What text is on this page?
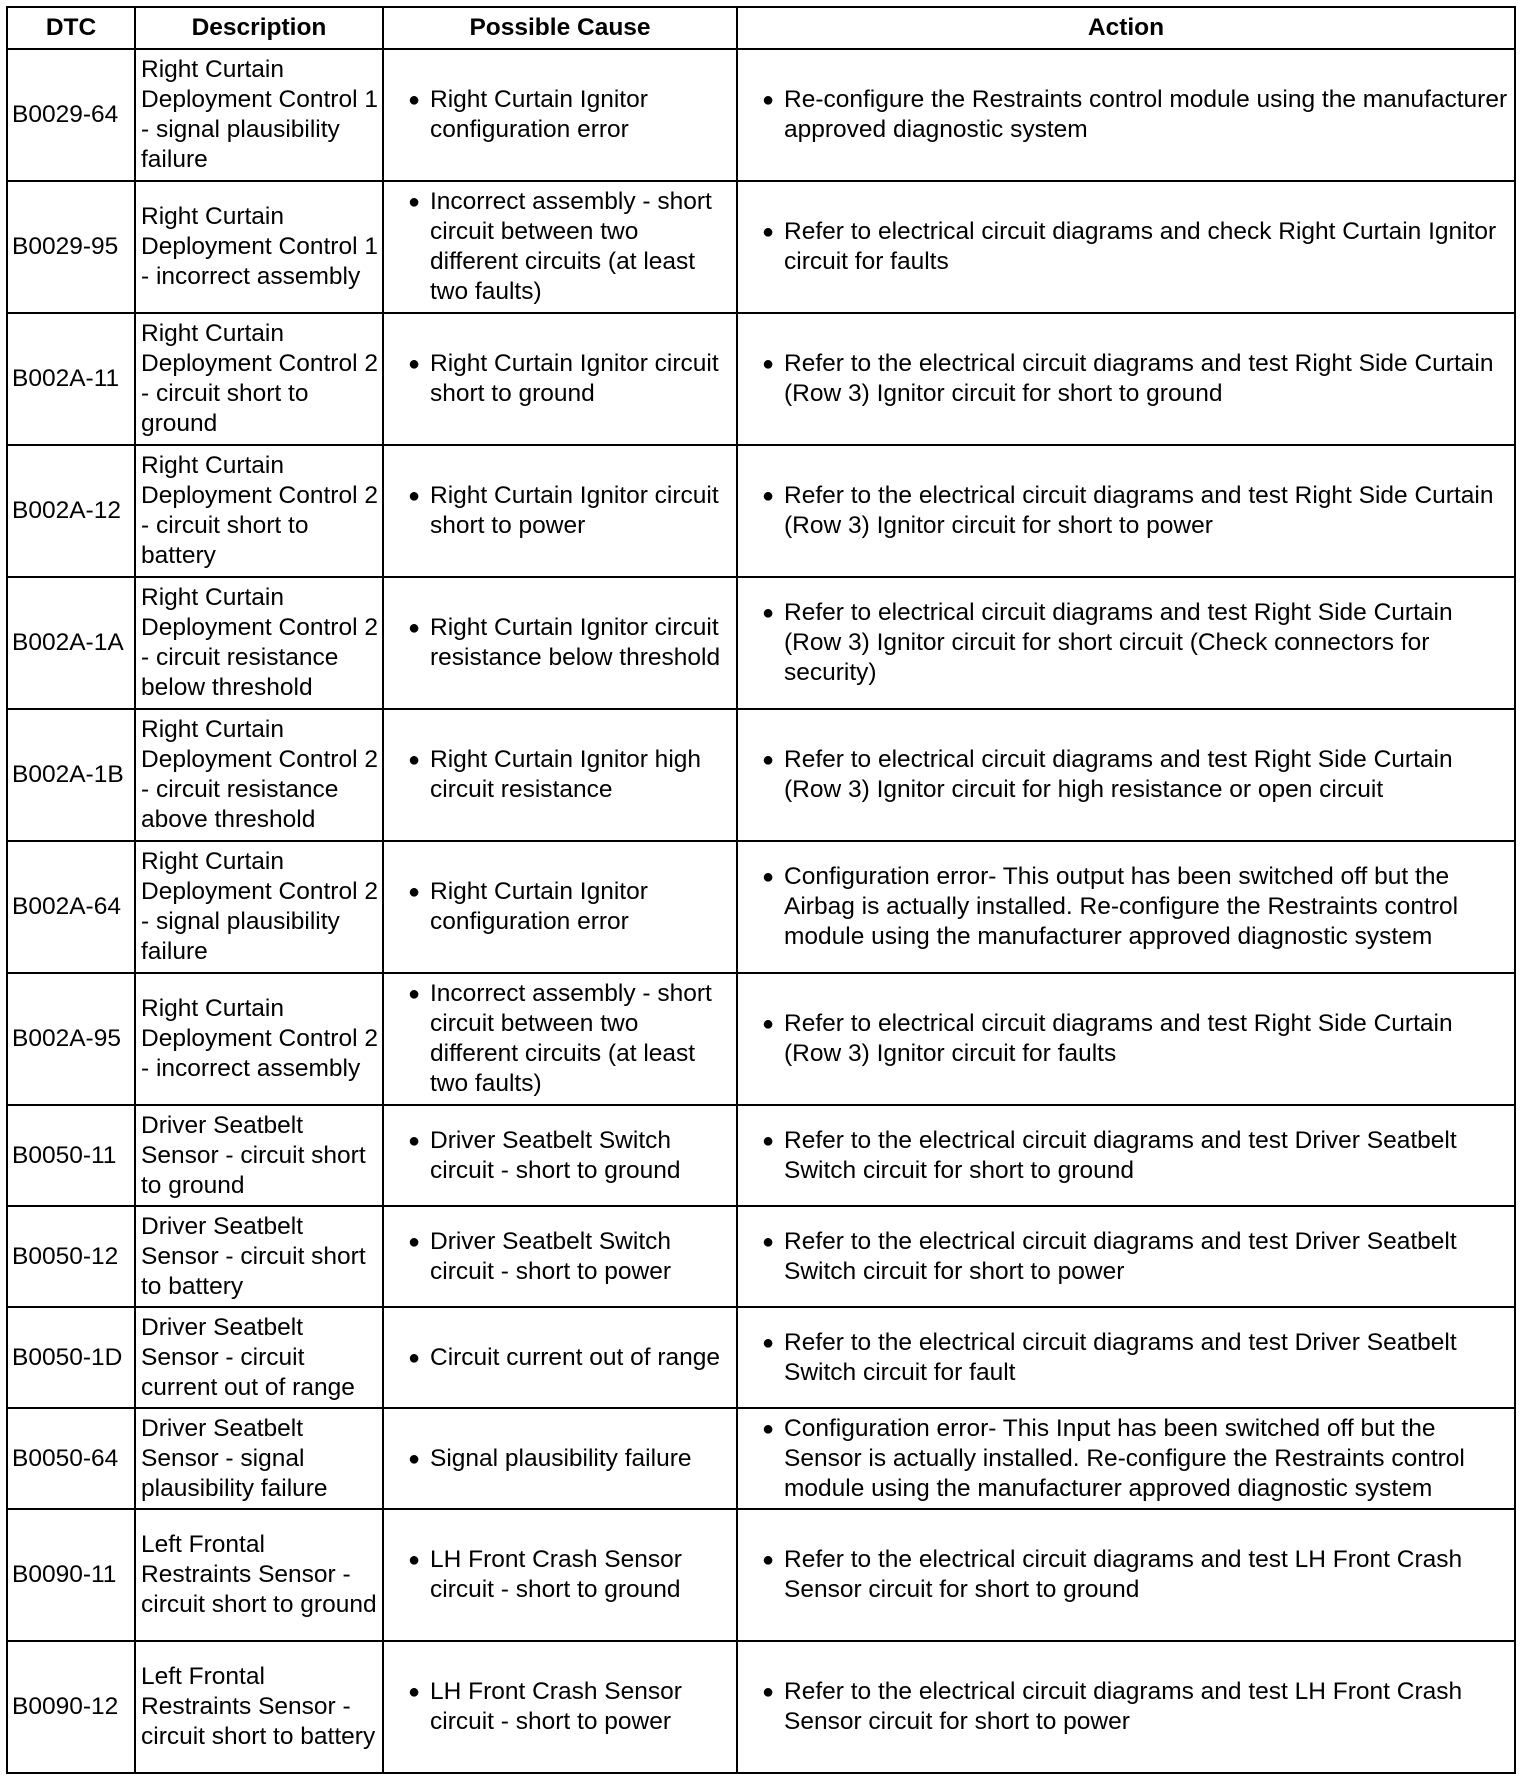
DTC	Description	Possible Cause	Action
B0029-64	Right Curtain Deployment Control 1 - signal plausibility failure	● Right Curtain Ignitor configuration error	● Re-configure the Restraints control module using the manufacturer approved diagnostic system

B0029-95	Right Curtain Deployment Control 1 - incorrect assembly	● Incorrect assembly - short circuit between two different circuits (at least two faults)	● Refer to electrical circuit diagrams and check Right Curtain Ignitor circuit for faults

B002A-11	Right Curtain Deployment Control 2 - circuit short to ground	● Right Curtain Ignitor circuit short to ground	● Refer to the electrical circuit diagrams and test Right Side Curtain (Row 3) Ignitor circuit for short to ground

B002A-12	Right Curtain Deployment Control 2 - circuit short to battery	● Right Curtain Ignitor circuit short to power	● Refer to the electrical circuit diagrams and test Right Side Curtain (Row 3) Ignitor circuit for short to power

B002A-1A	Right Curtain Deployment Control 2 - circuit resistance below threshold	● Right Curtain Ignitor circuit resistance below threshold	● Refer to electrical circuit diagrams and test Right Side Curtain (Row 3) Ignitor circuit for short circuit (Check connectors for security)

B002A-1B	Right Curtain Deployment Control 2 - circuit resistance above threshold	● Right Curtain Ignitor high circuit resistance	● Refer to electrical circuit diagrams and test Right Side Curtain (Row 3) Ignitor circuit for high resistance or open circuit

B002A-64	Right Curtain Deployment Control 2 - signal plausibility failure	● Right Curtain Ignitor configuration error	● Configuration error- This output has been switched off but the Airbag is actually installed. Re-configure the Restraints control module using the manufacturer approved diagnostic system

B002A-95	Right Curtain Deployment Control 2 - incorrect assembly	● Incorrect assembly - short circuit between two different circuits (at least two faults)	● Refer to electrical circuit diagrams and test Right Side Curtain (Row 3) Ignitor circuit for faults

B0050-11	Driver Seatbelt Sensor - circuit short to ground	● Driver Seatbelt Switch circuit - short to ground	● Refer to the electrical circuit diagrams and test Driver Seatbelt Switch circuit for short to ground

B0050-12	Driver Seatbelt Sensor - circuit short to battery	● Driver Seatbelt Switch circuit - short to power	● Refer to the electrical circuit diagrams and test Driver Seatbelt Switch circuit for short to power

B0050-1D	Driver Seatbelt Sensor - circuit current out of range	● Circuit current out of range	● Refer to the electrical circuit diagrams and test Driver Seatbelt Switch circuit for fault

B0050-64	Driver Seatbelt Sensor - signal plausibility failure	● Signal plausibility failure	● Configuration error- This Input has been switched off but the Sensor is actually installed. Re-configure the Restraints control module using the manufacturer approved diagnostic system

B0090-11	Left Frontal Restraints Sensor - circuit short to ground	● LH Front Crash Sensor circuit - short to ground	● Refer to the electrical circuit diagrams and test LH Front Crash Sensor circuit for short to ground

B0090-12	Left Frontal Restraints Sensor - circuit short to battery	● LH Front Crash Sensor circuit - short to power	● Refer to the electrical circuit diagrams and test LH Front Crash Sensor circuit for short to power
